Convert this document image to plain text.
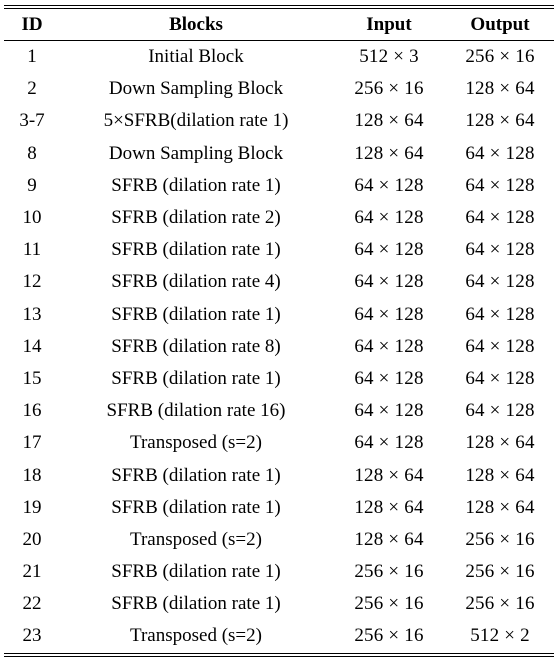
ID	Blocks	Input	Output
1	Initial Block	512 × 3	256 × 16
2	Down Sampling Block	256 × 16	128 × 64
3-7	5×SFRB(dilation rate 1)	128 × 64	128 × 64
8	Down Sampling Block	128 × 64	64 × 128
9	SFRB (dilation rate 1)	64 × 128	64 × 128
10	SFRB (dilation rate 2)	64 × 128	64 × 128
11	SFRB (dilation rate 1)	64 × 128	64 × 128
12	SFRB (dilation rate 4)	64 × 128	64 × 128
13	SFRB (dilation rate 1)	64 × 128	64 × 128
14	SFRB (dilation rate 8)	64 × 128	64 × 128
15	SFRB (dilation rate 1)	64 × 128	64 × 128
16	SFRB (dilation rate 16)	64 × 128	64 × 128
17	Transposed (s=2)	64 × 128	128 × 64
18	SFRB (dilation rate 1)	128 × 64	128 × 64
19	SFRB (dilation rate 1)	128 × 64	128 × 64
20	Transposed (s=2)	128 × 64	256 × 16
21	SFRB (dilation rate 1)	256 × 16	256 × 16
22	SFRB (dilation rate 1)	256 × 16	256 × 16
23	Transposed (s=2)	256 × 16	512 × 2
